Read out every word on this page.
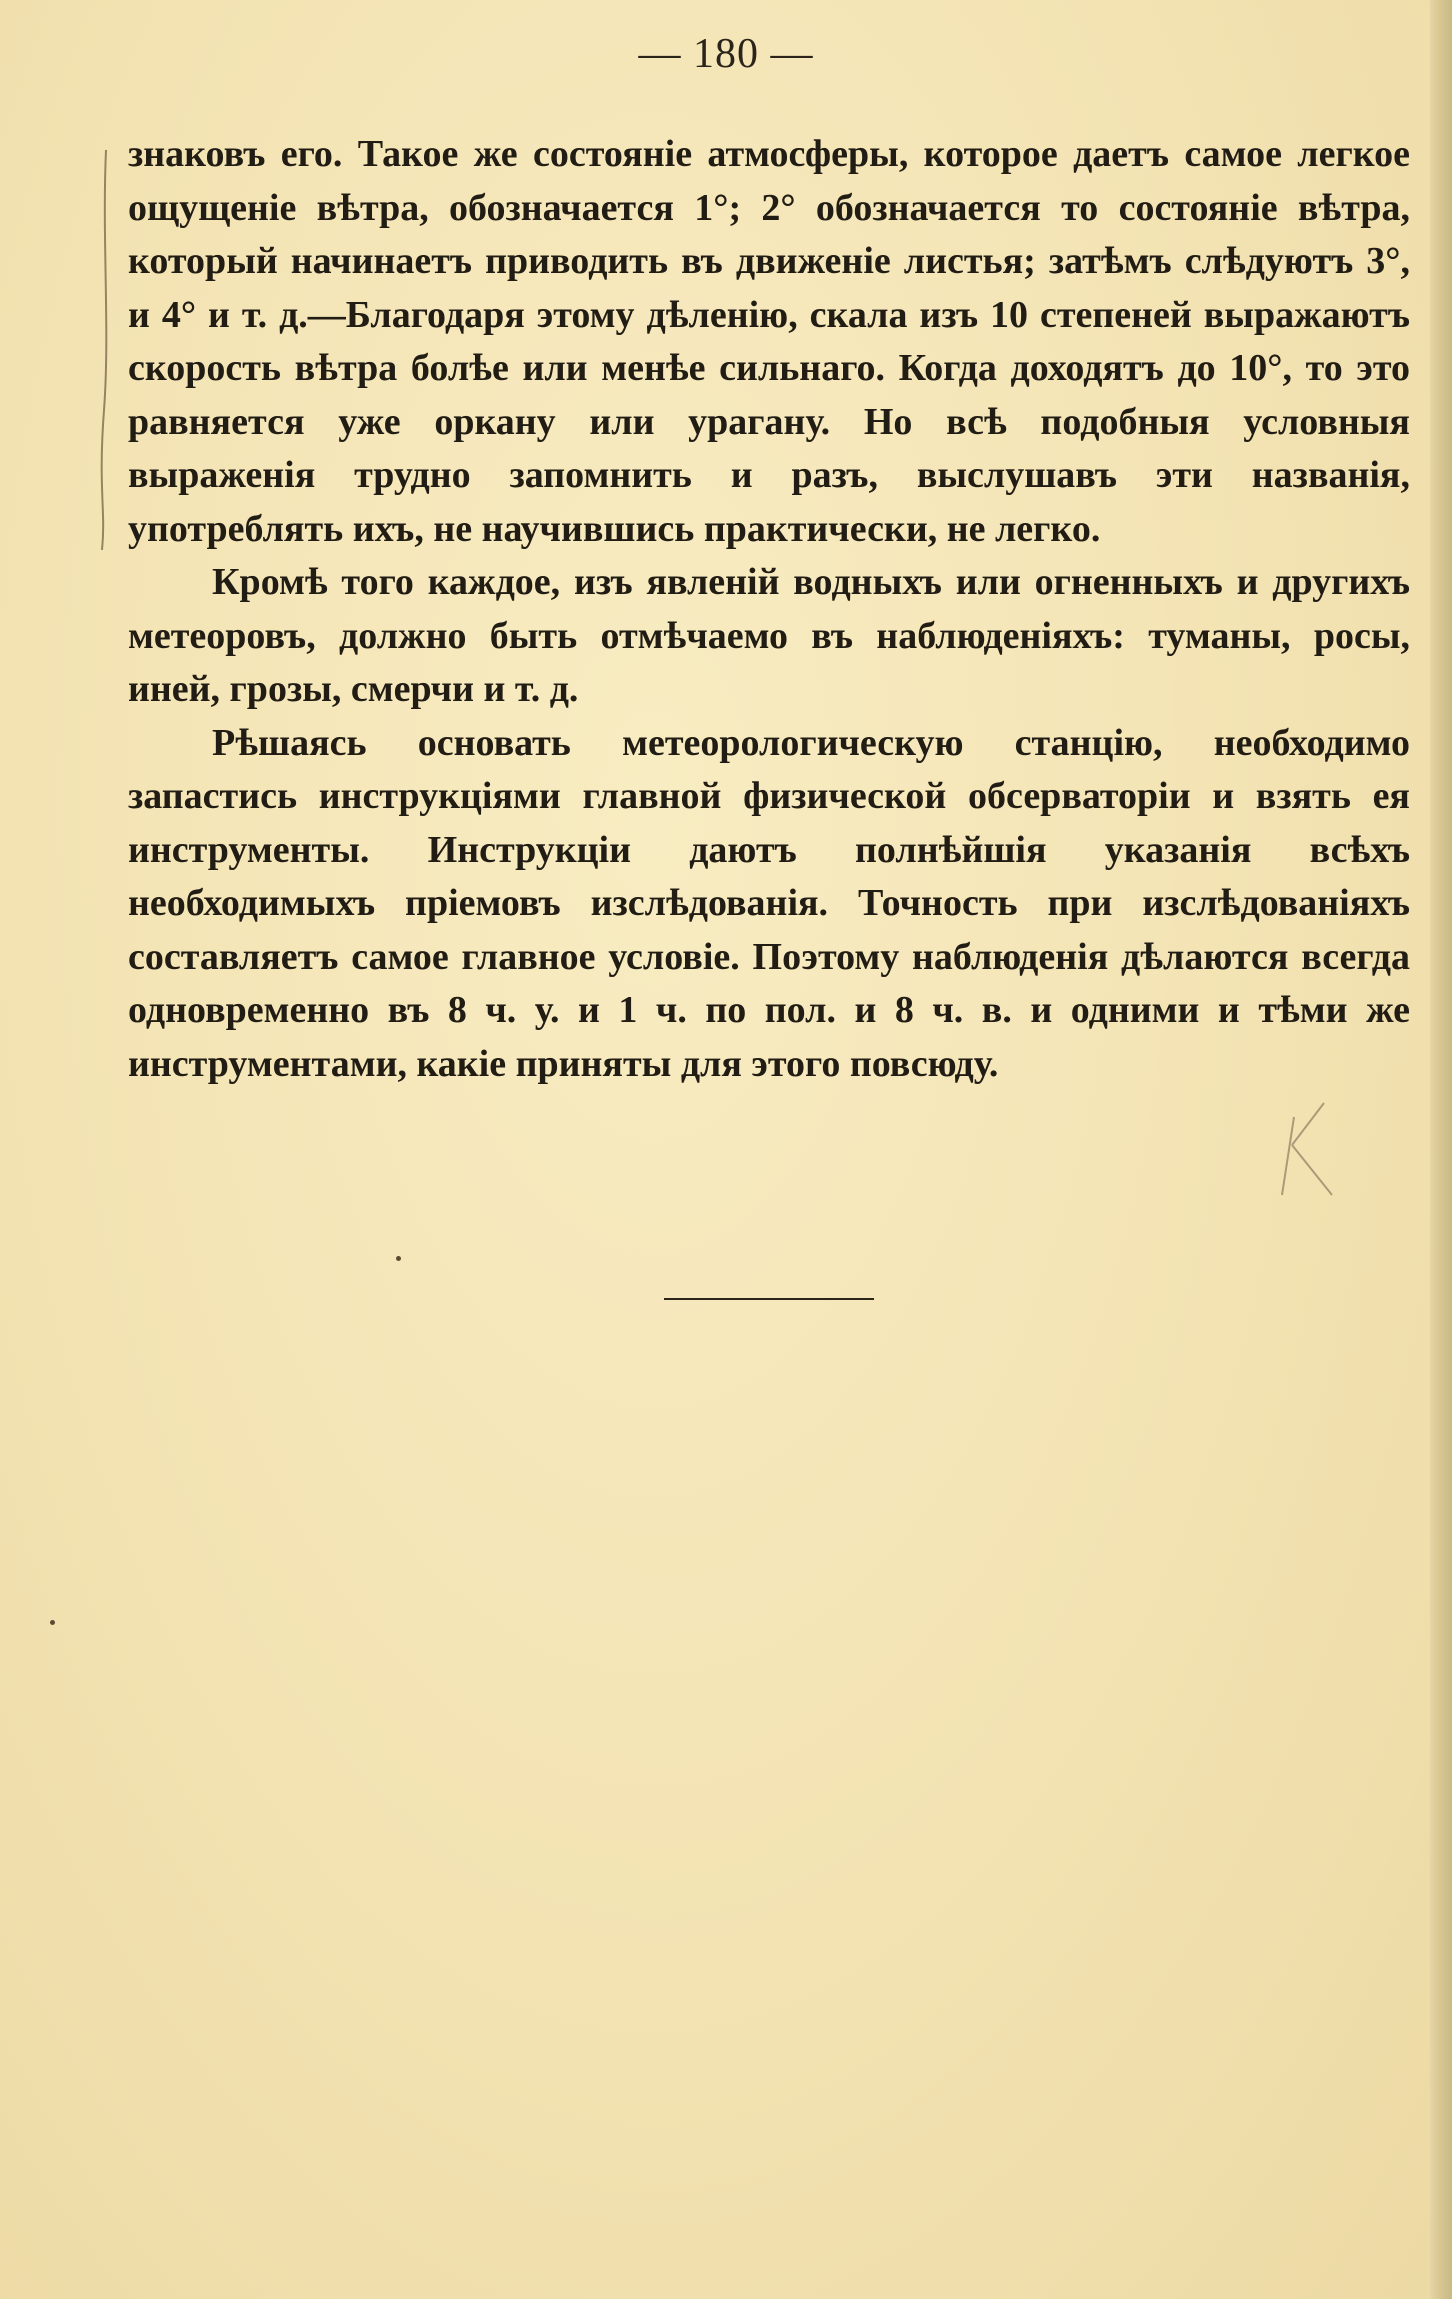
— 180 —

знаковъ его. Такое же состоянiе атмосферы, которое даетъ самое легкое ощущенiе вѣтра, обозначается 1°; 2° обозначается то состоянiе вѣтра, который начинаетъ приводить въ движенiе листья; затѣмъ слѣдуютъ 3°, и 4° и т. д.—Благодаря этому дѣленiю, скала изъ 10 степеней выражаютъ скорость вѣтра болѣе или менѣе сильнаго. Когда доходятъ до 10°, то это равняется уже оркану или урагану. Но всѣ подобныя условныя выраженiя трудно запомнить и разъ, выслушавъ эти названiя, употреблять ихъ, не научившись практически, не легко.

Кромѣ того каждое, изъ явленiй водныхъ или огненныхъ и другихъ метеоровъ, должно быть отмѣчаемо въ наблюденiяхъ: туманы, росы, иней, грозы, смерчи и т. д.

Рѣшаясь основать метеорологическую станцiю, необходимо запастись инструкцiями главной физической обсерваторiи и взять ея инструменты. Инструкцiи даютъ полнѣйшiя указанiя всѣхъ необходимыхъ прiемовъ изслѣдованiя. Точность при изслѣдованiяхъ составляетъ самое главное условiе. Поэтому наблюденiя дѣлаются всегда одновременно въ 8 ч. у. и 1 ч. по пол. и 8 ч. в. и одними и тѣми же инструментами, какiе приняты для этого повсюду.
